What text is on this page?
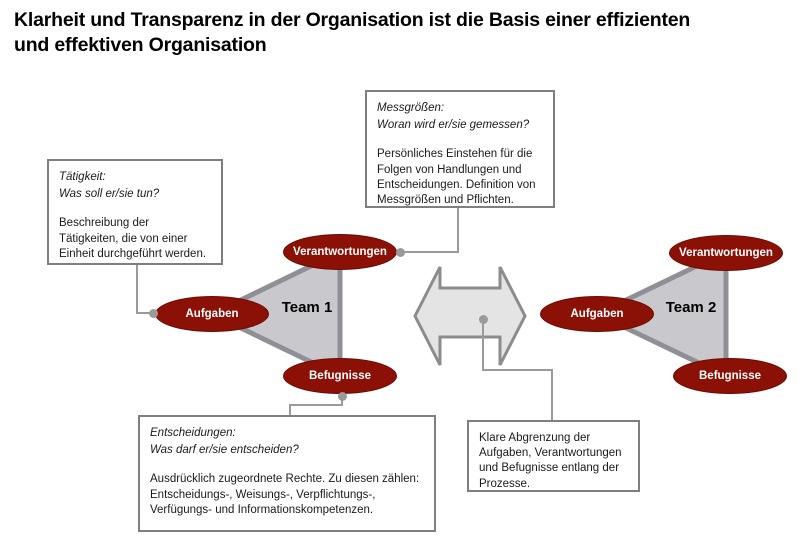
Klarheit und Transparenz in der Organisation ist die Basis einer effizienten
und effektiven Organisation
Aufgaben
Verantwortungen
Befugnisse
Team 1	Aufgaben
Verantwortungen
Befugnisse
Team 2
Tätigkeit:
Was soll er/sie tun?
Beschreibung der Tätigkeiten, die von einer Einheit durchgeführt werden.
Messgrößen:
Woran wird er/sie gemessen?
Persönliches Einstehen für die Folgen von Handlungen und Entscheidungen. Definition von Messgrößen und Pflichten.
Entscheidungen:
Was darf er/sie entscheiden?
Ausdrücklich zugeordnete Rechte. Zu diesen zählen: Entscheidungs-, Weisungs-, Verpflichtungs-, Verfügungs- und Informationskompetenzen.
Klare Abgrenzung der Aufgaben, Verantwortungen und Befugnisse entlang der Prozesse.
